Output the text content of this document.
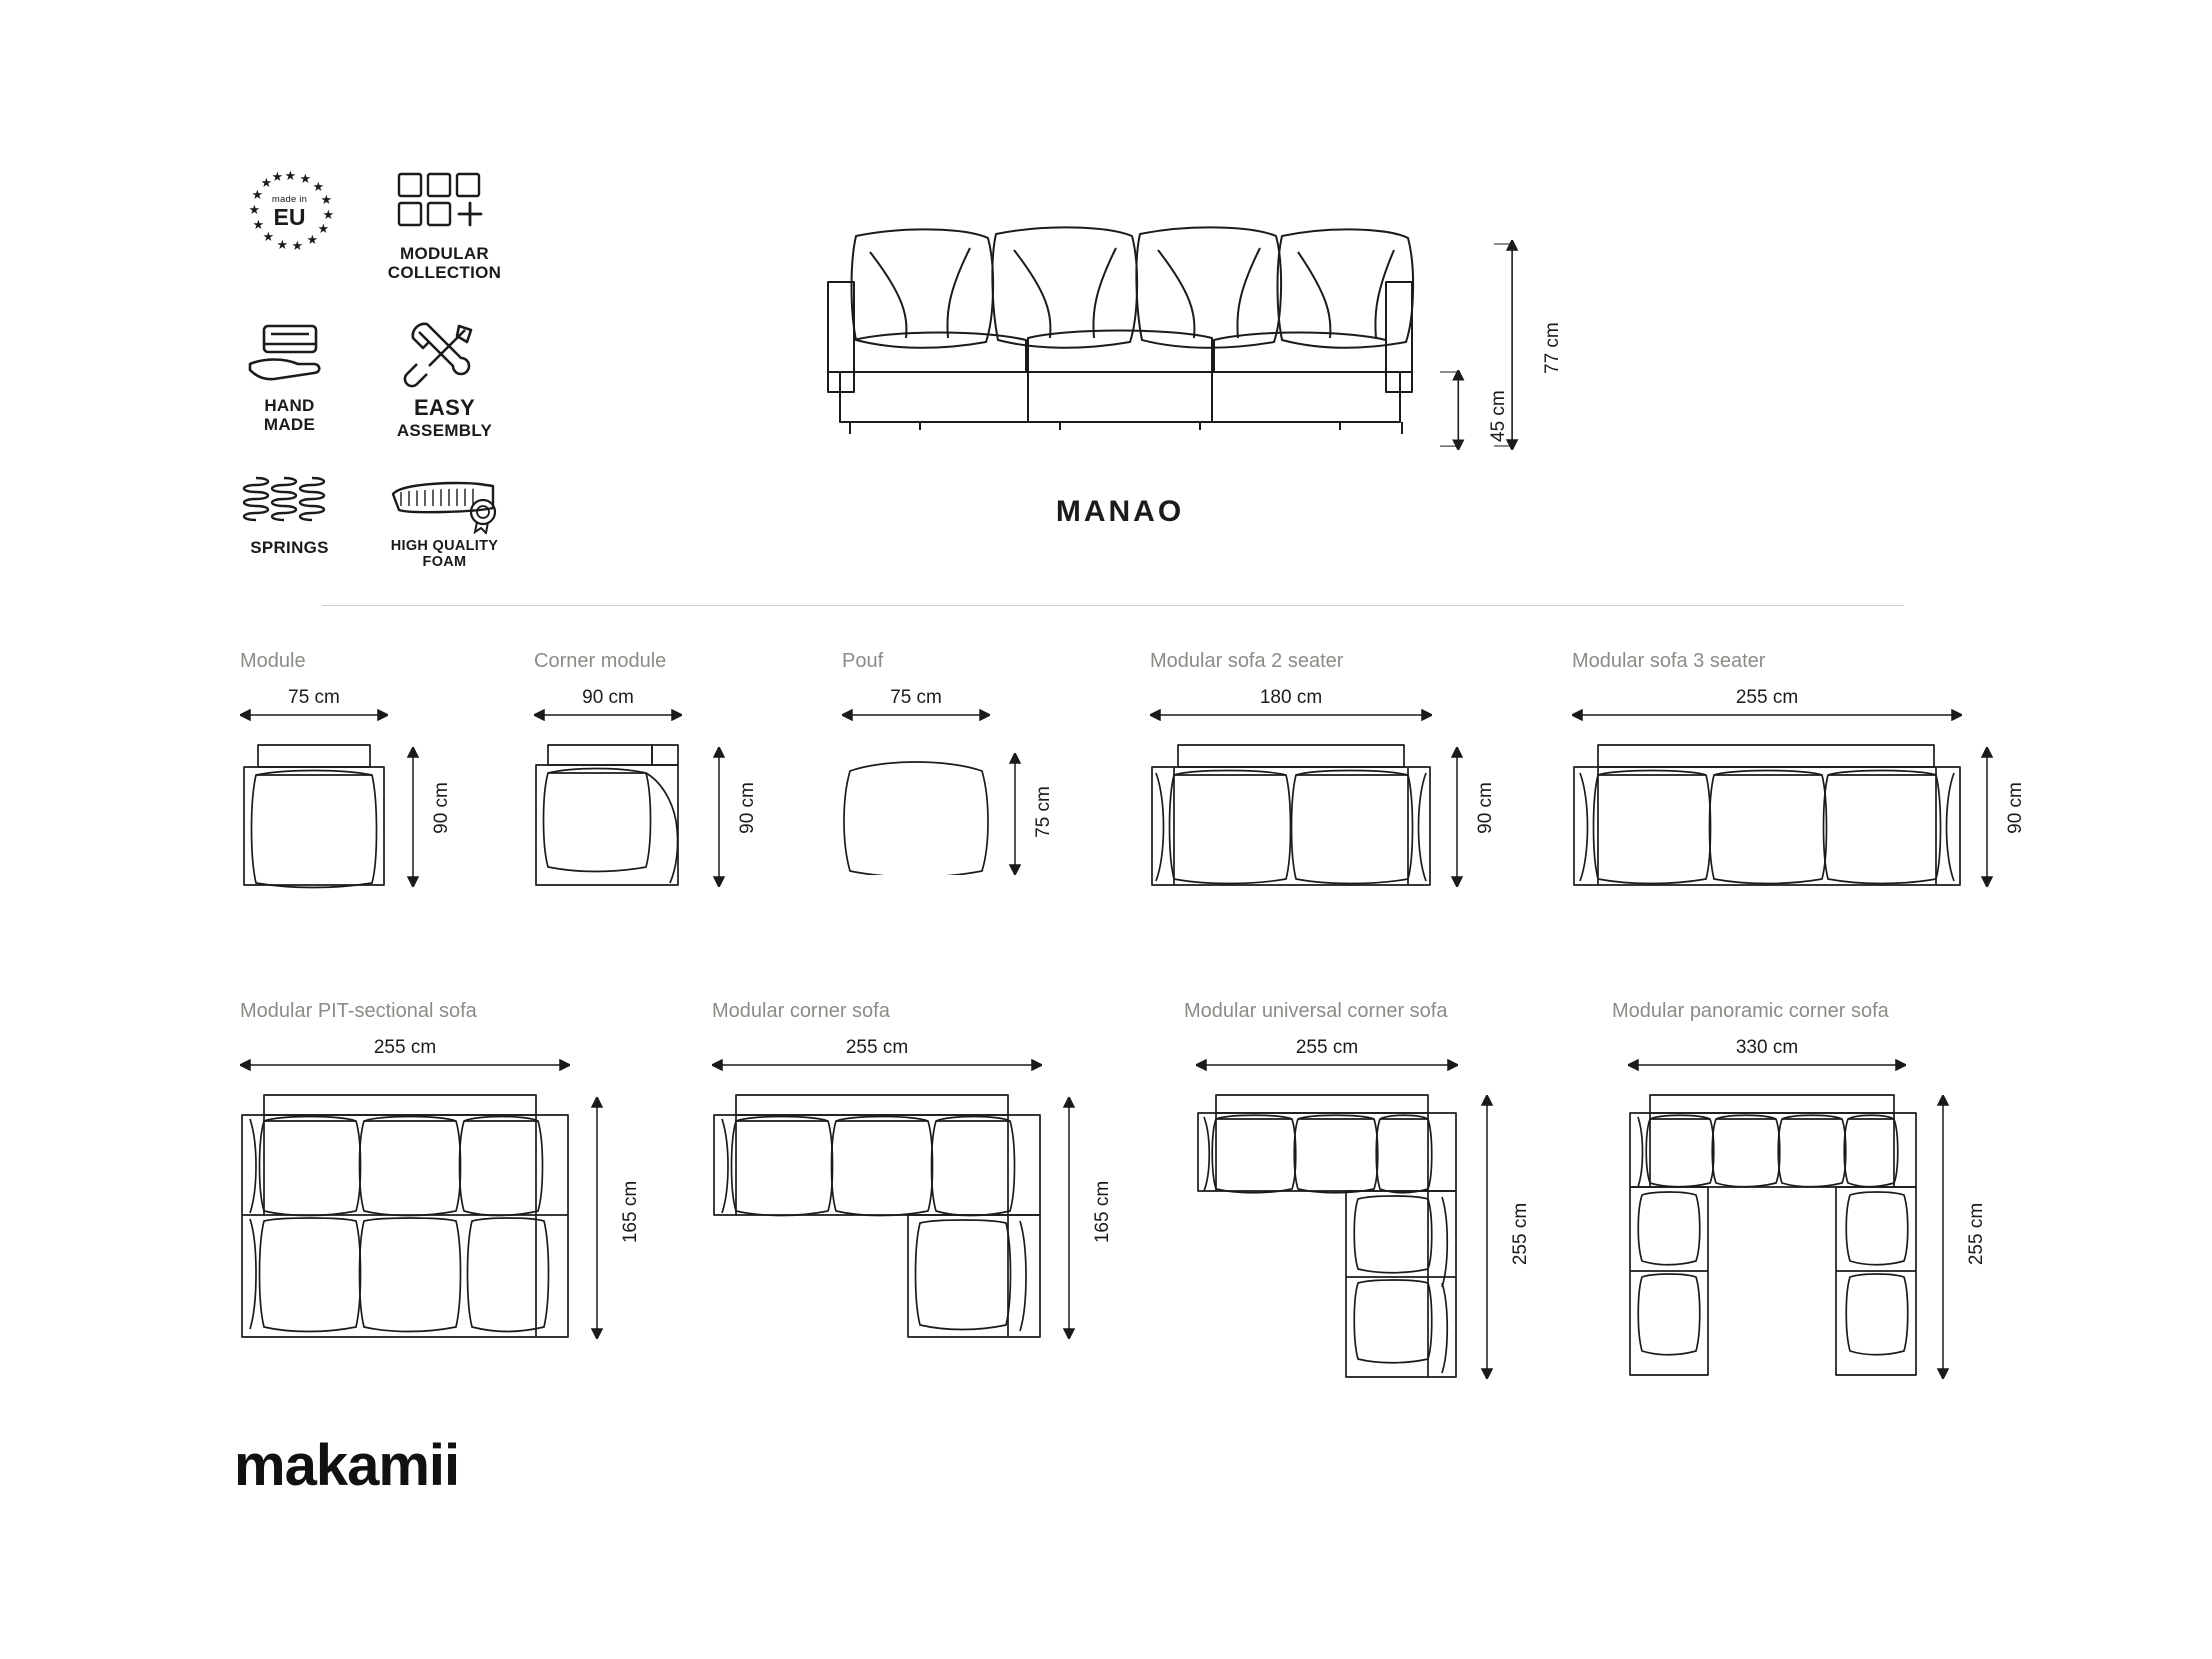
★ ★
★
★
★
★
★
★
★
★
★
★
★
★ ★
made in
EU
MODULAR
COLLECTION
HAND
MADE
EASY
ASSEMBLY
SPRINGS	HIGH QUALITY
FOAM
MANAO
77 cm
45 cm
Module
75 cm
90 cm
Corner module
90 cm
90 cm
Pouf
75 cm
75 cm
Modular sofa 2 seater
180 cm
90 cm
Modular sofa 3 seater
255 cm
90 cm
Modular PIT-sectional sofa
255 cm
165 cm
Modular corner sofa
255 cm
165 cm
Modular universal corner sofa
255 cm
255 cm
Modular panoramic corner sofa
330 cm
255 cm
makamii
